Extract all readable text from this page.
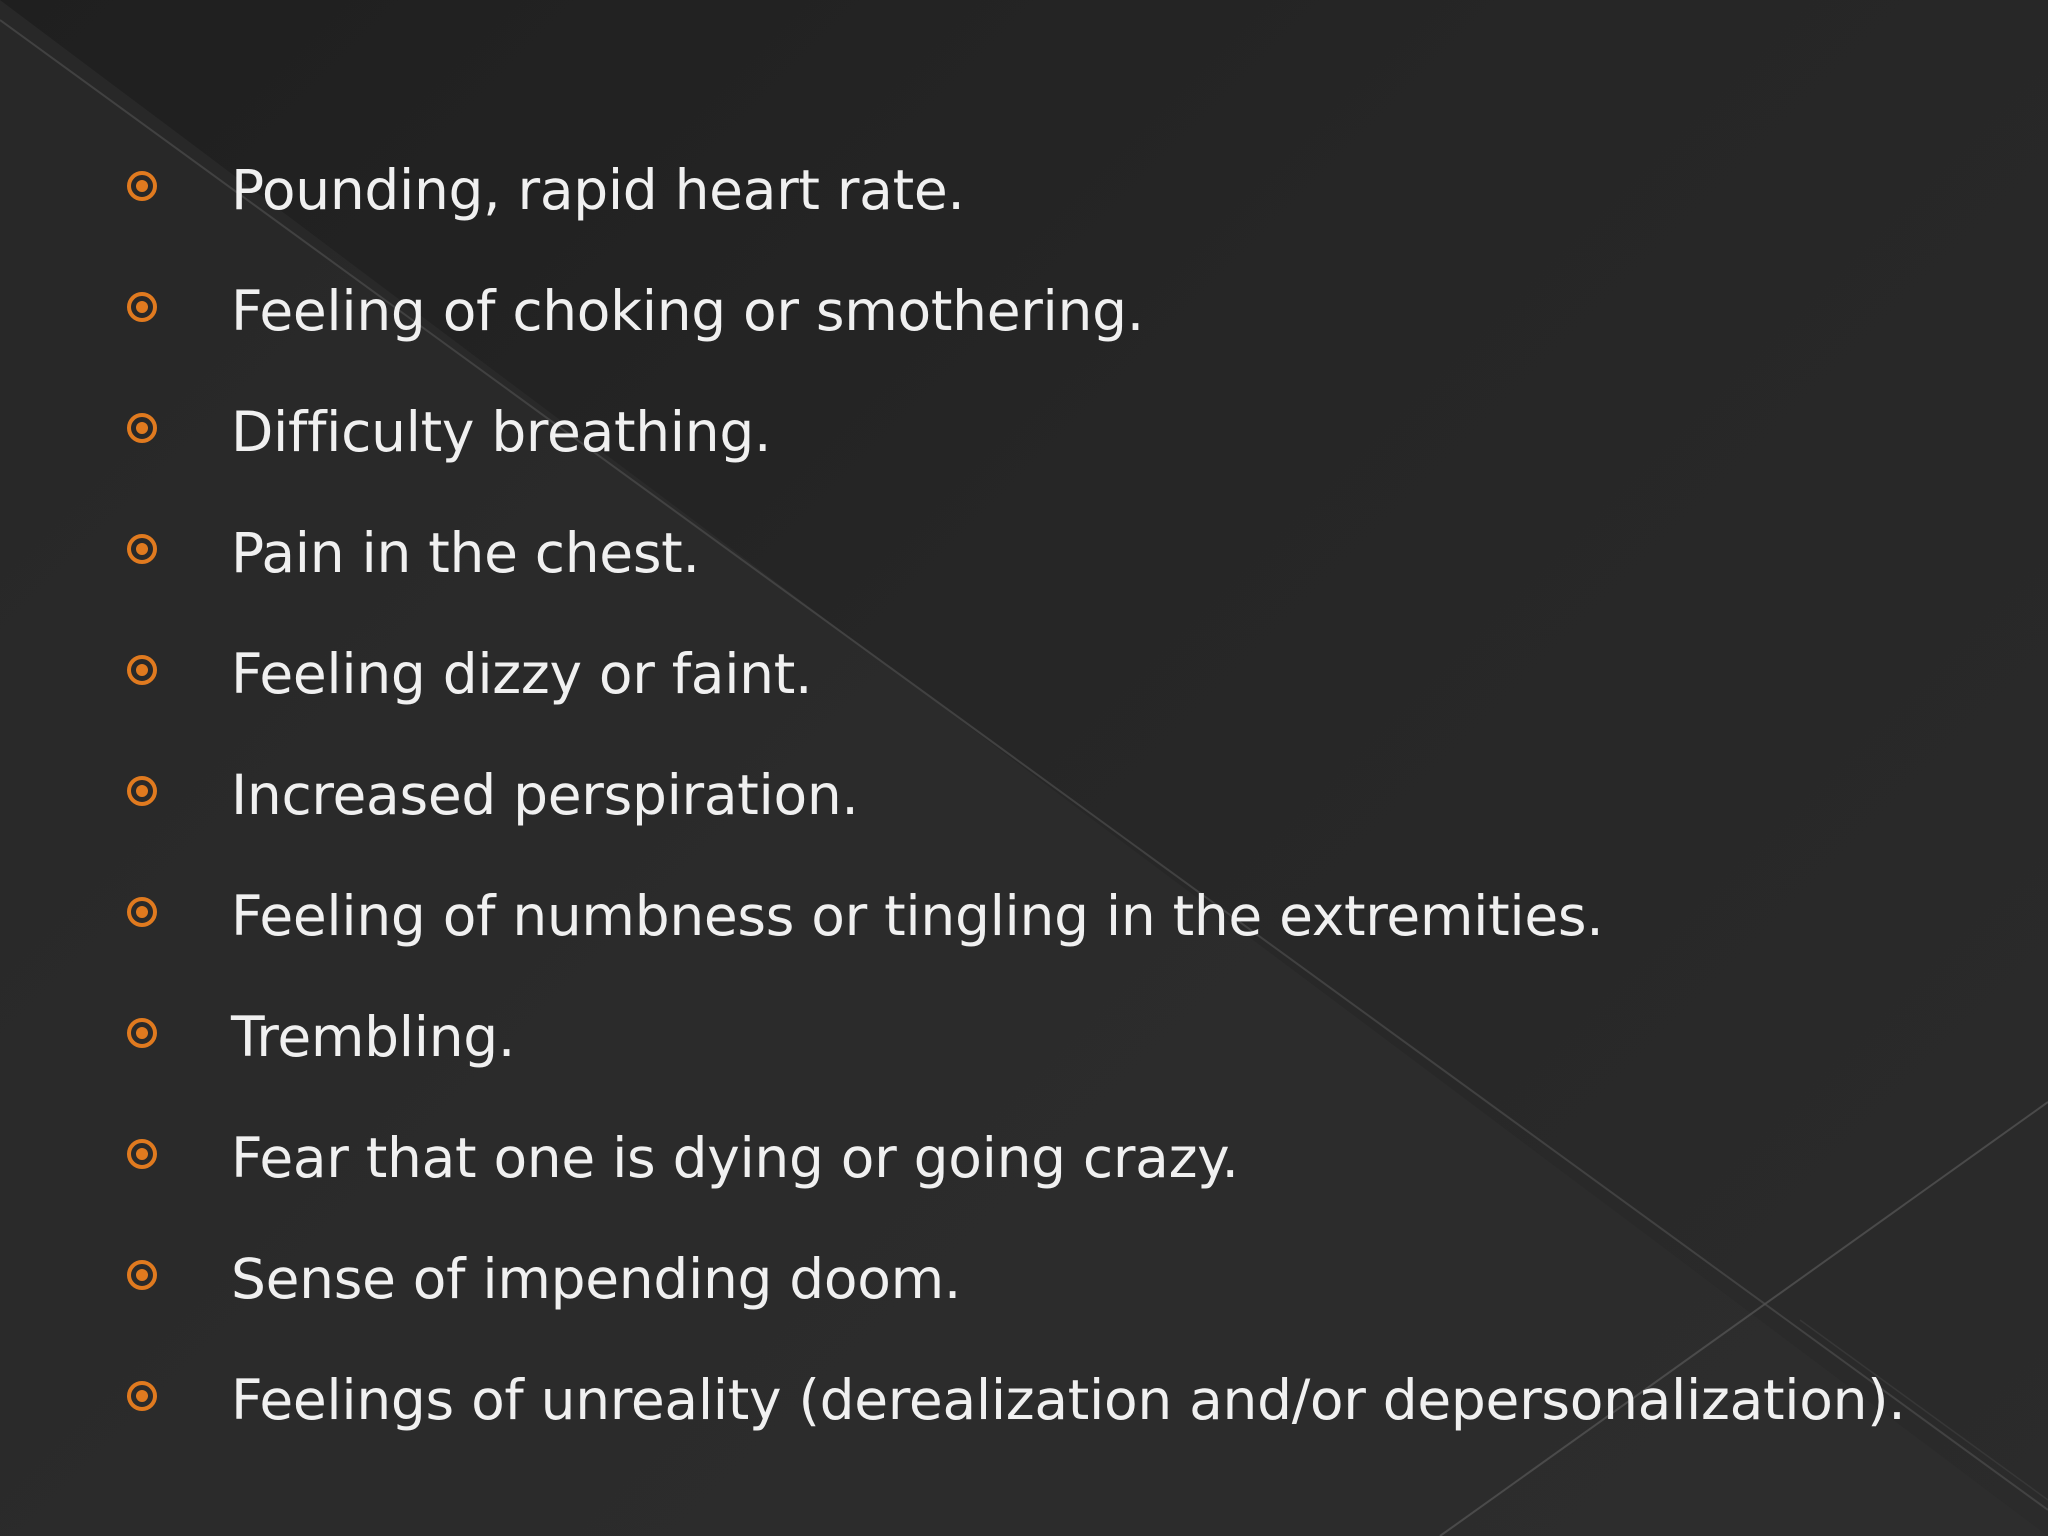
Pounding, rapid heart rate.
Feeling of choking or smothering.
Difficulty breathing.
Pain in the chest.
Feeling dizzy or faint.
Increased perspiration.
Feeling of numbness or tingling in the extremities.
Trembling.
Fear that one is dying or going crazy.
Sense of impending doom.
Feelings of unreality (derealization and/or depersonalization).
